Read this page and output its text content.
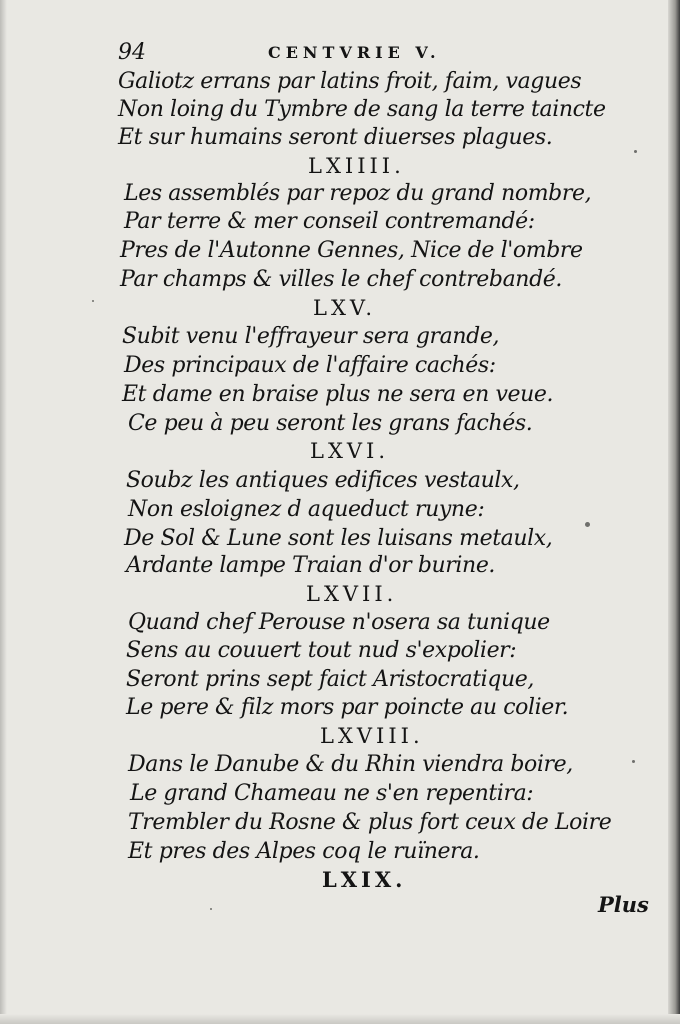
94	CENTVRIE V.
Galiotz errans par latins froit, faim, vagues
Non loing du Tymbre de sang la terre taincte
Et sur humains seront diuerses plagues.
LXIIII.
Les assemblés par repoz du grand nombre,
Par terre & mer conseil contremandé:
Pres de l'Autonne Gennes, Nice de l'ombre
Par champs & villes le chef contrebandé.
LXV.
Subit venu l'effrayeur sera grande,
Des principaux de l'affaire cachés:
Et dame en braise plus ne sera en veue.
Ce peu à peu seront les grans fachés.
LXVI.
Soubz les antiques edifices vestaulx,
Non esloignez d aqueduct ruyne:
De Sol & Lune sont les luisans metaulx,
Ardante lampe Traian d'or burine.
LXVII.
Quand chef Perouse n'osera sa tunique
Sens au couuert tout nud s'expolier:
Seront prins sept faict Aristocratique,
Le pere & filz mors par poincte au colier.
LXVIII.
Dans le Danube & du Rhin viendra boire,
Le grand Chameau ne s'en repentira:
Trembler du Rosne & plus fort ceux de Loire
Et pres des Alpes coq le ruïnera.
LXIX.
Plus
